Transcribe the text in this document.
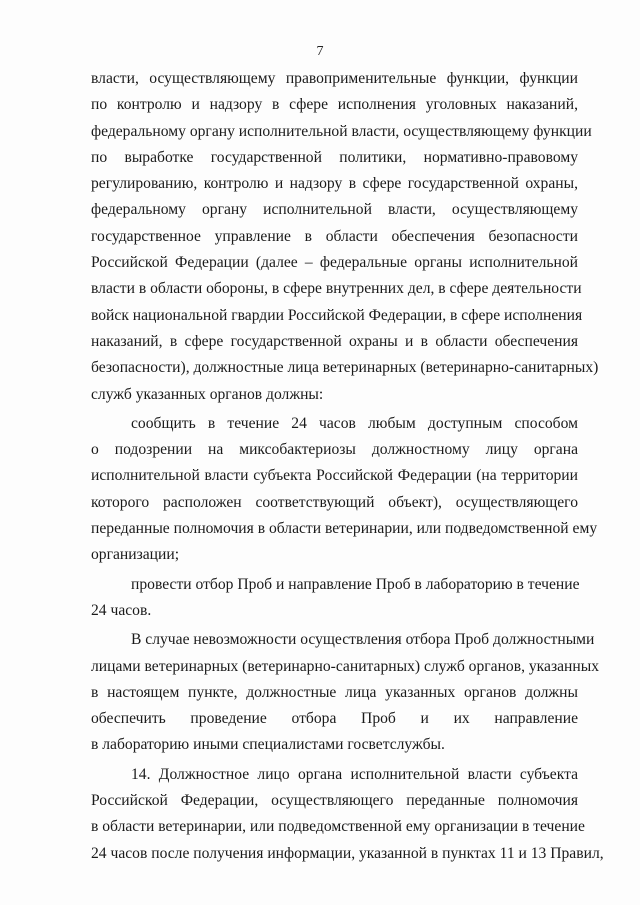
7
власти, осуществляющему правоприменительные функции, функции
по контролю и надзору в сфере исполнения уголовных наказаний,
федеральному органу исполнительной власти, осуществляющему функции
по выработке государственной политики, нормативно-правовому
регулированию, контролю и надзору в сфере государственной охраны,
федеральному органу исполнительной власти, осуществляющему
государственное управление в области обеспечения безопасности
Российской Федерации (далее – федеральные органы исполнительной
власти в области обороны, в сфере внутренних дел, в сфере деятельности
войск национальной гвардии Российской Федерации, в сфере исполнения
наказаний, в сфере государственной охраны и в области обеспечения
безопасности), должностные лица ветеринарных (ветеринарно-санитарных)
служб указанных органов должны:
сообщить в течение 24 часов любым доступным способом
о подозрении на миксобактериозы должностному лицу органа
исполнительной власти субъекта Российской Федерации (на территории
которого расположен соответствующий объект), осуществляющего
переданные полномочия в области ветеринарии, или подведомственной ему
организации;
провести отбор Проб и направление Проб в лабораторию в течение
24 часов.
В случае невозможности осуществления отбора Проб должностными
лицами ветеринарных (ветеринарно-санитарных) служб органов, указанных
в настоящем пункте, должностные лица указанных органов должны
обеспечить проведение отбора Проб и их направление
в лабораторию иными специалистами госветслужбы.
14. Должностное лицо органа исполнительной власти субъекта
Российской Федерации, осуществляющего переданные полномочия
в области ветеринарии, или подведомственной ему организации в течение
24 часов после получения информации, указанной в пунктах 11 и 13 Правил,
